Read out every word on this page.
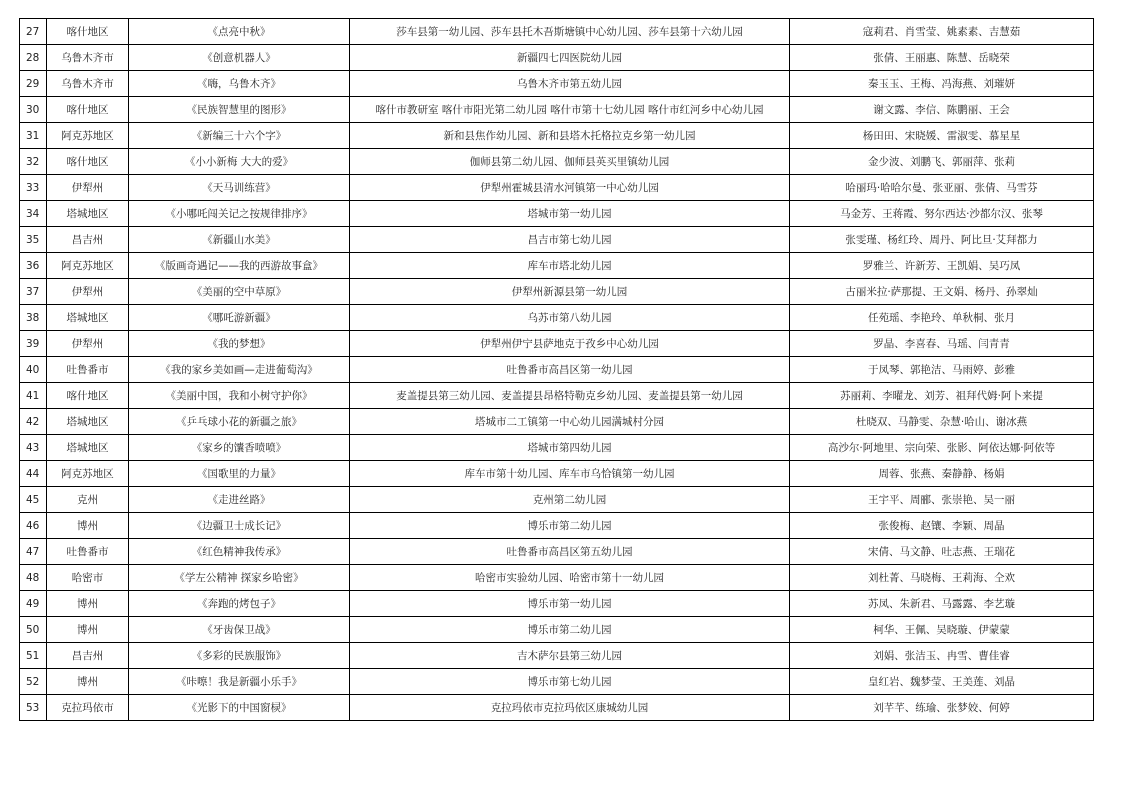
27	喀什地区	《点亮中秋》	莎车县第一幼儿园、莎车县托木吾斯塘镇中心幼儿园、莎车县第十六幼儿园	寇莉君、肖雪莹、姚素素、吉慧茹
28	乌鲁木齐市	《创意机器人》	新疆四七四医院幼儿园	张倩、王丽惠、陈慧、岳晓荣
29	乌鲁木齐市	《嗨，乌鲁木齐》	乌鲁木齐市第五幼儿园	秦玉玉、王梅、冯海燕、刘璀妍
30	喀什地区	《民族智慧里的图形》	喀什市教研室 喀什市阳光第二幼儿园 喀什市第十七幼儿园 喀什市红河乡中心幼儿园	谢文露、李信、陈鹏丽、王会
31	阿克苏地区	《新编三十六个字》	新和县焦作幼儿园、新和县塔木托格拉克乡第一幼儿园	杨田田、宋晓媛、雷淑雯、慕星星
32	喀什地区	《小小新梅 大大的爱》	伽师县第二幼儿园、伽师县英买里镇幼儿园	金少波、刘鹏飞、郭丽萍、张莉
33	伊犁州	《天马训练营》	伊犁州霍城县清水河镇第一中心幼儿园	哈丽玛·哈哈尔曼、张亚丽、张倩、马雪芬
34	塔城地区	《小哪吒闯关记之按规律排序》	塔城市第一幼儿园	马金芳、王蒋霞、努尔西达·沙都尔汉、张琴
35	昌吉州	《新疆山水美》	昌吉市第七幼儿园	张雯瑾、杨红玲、周丹、阿比旦·艾拜都力
36	阿克苏地区	《版画奇遇记——我的西游故事盒》	库车市塔北幼儿园	罗雅兰、许新芳、王凯娟、吴巧凤
37	伊犁州	《美丽的空中草原》	伊犁州新源县第一幼儿园	古丽米拉·萨那提、王文娟、杨丹、孙翠灿
38	塔城地区	《哪吒游新疆》	乌苏市第八幼儿园	任苑瑶、李艳玲、单秋桐、张月
39	伊犁州	《我的梦想》	伊犁州伊宁县萨地克于孜乡中心幼儿园	罗晶、李喜春、马瑶、闫青青
40	吐鲁番市	《我的家乡美如画—走进葡萄沟》	吐鲁番市高昌区第一幼儿园	于凤琴、郭艳洁、马雨婷、彭雅
41	喀什地区	《美丽中国，我和小树守护你》	麦盖提县第三幼儿园、麦盖提县昂格特勒克乡幼儿园、麦盖提县第一幼儿园	苏丽莉、李曜龙、刘芳、祖拜代姆·阿卜来提
42	塔城地区	《乒乓球小花的新疆之旅》	塔城市二工镇第一中心幼儿园满城村分园	杜晓双、马静雯、杂慧·哈山、谢冰燕
43	塔城地区	《家乡的馕香喷喷》	塔城市第四幼儿园	高沙尔·阿地里、宗向荣、张影、阿依达娜·阿依等
44	阿克苏地区	《国歌里的力量》	库车市第十幼儿园、库车市乌恰镇第一幼儿园	周蓉、张燕、秦静静、杨娟
45	克州	《走进丝路》	克州第二幼儿园	王宇平、周郦、张崇艳、吴一丽
46	博州	《边疆卫士成长记》	博乐市第二幼儿园	张俊梅、赵镶、李颖、周晶
47	吐鲁番市	《红色精神我传承》	吐鲁番市高昌区第五幼儿园	宋倩、马文静、吐志燕、王瑞花
48	哈密市	《学左公精神 探家乡哈密》	哈密市实验幼儿园、哈密市第十一幼儿园	刘杜菁、马晓梅、王莉海、仝欢
49	博州	《奔跑的烤包子》	博乐市第一幼儿园	苏凤、朱新君、马露露、李艺璇
50	博州	《牙齿保卫战》	博乐市第二幼儿园	柯华、王佩、吴晓璇、伊蒙蒙
51	昌吉州	《多彩的民族服饰》	吉木萨尔县第三幼儿园	刘娟、张洁玉、冉雪、曹佳睿
52	博州	《咔嚓！我是新疆小乐手》	博乐市第七幼儿园	皇红岩、魏梦莹、王美莲、刘晶
53	克拉玛依市	《光影下的中国窗棂》	克拉玛依市克拉玛依区康城幼儿园	刘芊芊、练瑜、张梦姣、何婷
